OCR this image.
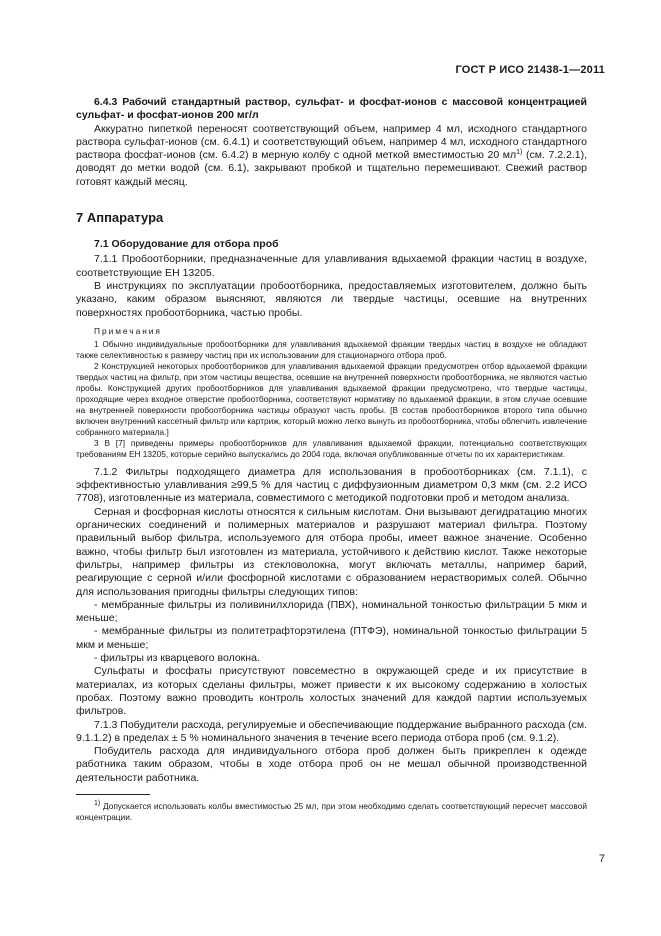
ГОСТ Р ИСО 21438-1—2011

6.4.3 Рабочий стандартный раствор, сульфат- и фосфат-ионов с массовой концентрацией сульфат- и фосфат-ионов 200 мг/л

Аккуратно пипеткой переносят соответствующий объем, например 4 мл, исходного стандартного раствора сульфат-ионов (см. 6.4.1) и соответствующий объем, например 4 мл, исходного стандартного раствора фосфат-ионов (см. 6.4.2) в мерную колбу с одной меткой вместимостью 20 $мл^{1)}$ (см. 7.2.2.1), доводят до метки водой (см. 6.1), закрывают пробкой и тщательно перемешивают. Свежий раствор готовят каждый месяц.

7 Аппаратура

7.1 Оборудование для отбора проб

7.1.1 Пробоотборники, предназначенные для улавливания вдыхаемой фракции частиц в воздухе, соответствующие ЕН 13205.

В инструкциях по эксплуатации пробоотборника, предоставляемых изготовителем, должно быть указано, каким образом выясняют, являются ли твердые частицы, осевшие на внутренних поверхностях пробоотборника, частью пробы.

Примечания

1 Обычно индивидуальные пробоотборники для улавливания вдыхаемой фракции твердых частиц в воздухе не обладают также селективностью к размеру частиц при их использовании для стационарного отбора проб.

2 Конструкцией некоторых пробоотборников для улавливания вдыхаемой фракции предусмотрен отбор вдыхаемой фракции твердых частиц на фильтр, при этом частицы вещества, осевшие на внутренней поверхности пробоотборника, не являются частью пробы. Конструкцией других пробоотборников для улавливания вдыхаемой фракции предусмотрено, что твердые частицы, проходящие через входное отверстие пробоотборника, соответствуют нормативу по вдыхаемой фракции, в этом случае осевшие на внутренней поверхности пробоотборника частицы образуют часть пробы. [В состав пробоотборников второго типа обычно включен внутренний кассетный фильтр или картриж, который можно легко вынуть из пробоотборника, чтобы облегчить извлечение собранного материала.]

3 В [7] приведены примеры пробоотборников для улавливания вдыхаемой фракции, потенциально соответствующих требованиям ЕН 13205, которые серийно выпускались до 2004 года, включая опубликованные отчеты по их характеристикам.

7.1.2 Фильтры подходящего диаметра для использования в пробоотборниках (см. 7.1.1), с эффективностью улавливания ≥99,5 % для частиц с диффузионным диаметром 0,3 мкм (см. 2.2 ИСО 7708), изготовленные из материала, совместимого с методикой подготовки проб и методом анализа.

Серная и фосфорная кислоты относятся к сильным кислотам. Они вызывают дегидратацию многих органических соединений и полимерных материалов и разрушают материал фильтра. Поэтому правильный выбор фильтра, используемого для отбора пробы, имеет важное значение. Особенно важно, чтобы фильтр был изготовлен из материала, устойчивого к действию кислот. Также некоторые фильтры, например фильтры из стекловолокна, могут включать металлы, например барий, реагирующие с серной и/или фосфорной кислотами с образованием нерастворимых солей. Обычно для использования пригодны фильтры следующих типов:

- мембранные фильтры из поливинилхлорида (ПВХ), номинальной тонкостью фильтрации 5 мкм и меньше;

- мембранные фильтры из политетрафторэтилена (ПТФЭ), номинальной тонкостью фильтрации 5 мкм и меньше;

- фильтры из кварцевого волокна.

Сульфаты и фосфаты присутствуют повсеместно в окружающей среде и их присутствие в материалах, из которых сделаны фильтры, может привести к их высокому содержанию в холостых пробах. Поэтому важно проводить контроль холостых значений для каждой партии используемых фильтров.

7.1.3 Побудители расхода, регулируемые и обеспечивающие поддержание выбранного расхода (см. 9.1.1.2) в пределах ± 5 % номинального значения в течение всего периода отбора проб (см. 9.1.2).

Побудитель расхода для индивидуального отбора проб должен быть прикреплен к одежде работника таким образом, чтобы в ходе отбора проб он не мешал обычной производственной деятельности работника.

$^{1)}$ Допускается использовать колбы вместимостью 25 мл, при этом необходимо сделать соответствующий пересчет массовой концентрации.

7
